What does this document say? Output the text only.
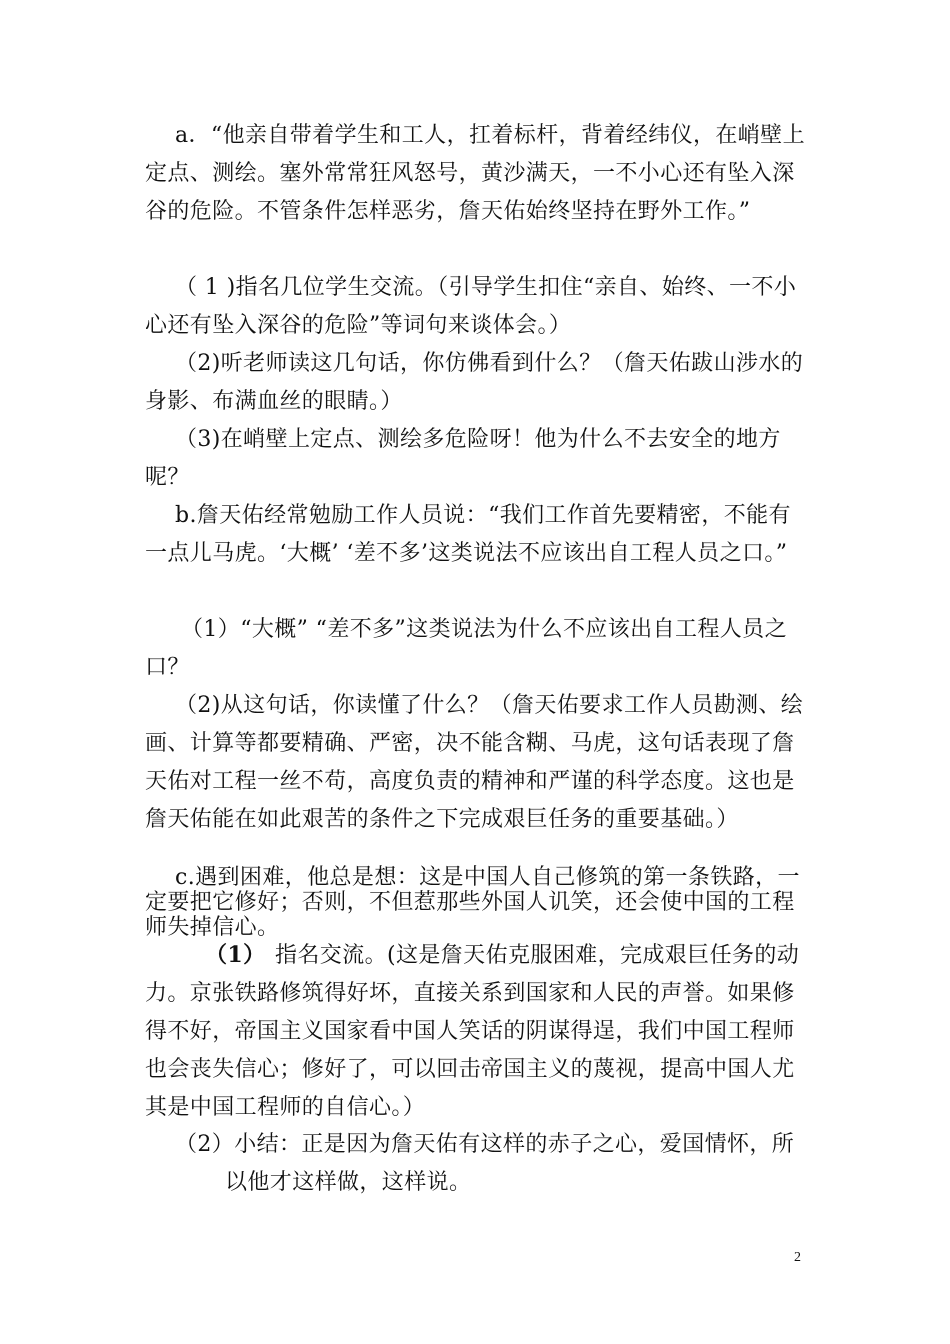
a．“他亲自带着学生和工人，扛着标杆，背着经纬仪，在峭壁上定点、测绘。塞外常常狂风怒号，黄沙满天，一不小心还有坠入深谷的危险。不管条件怎样恶劣，詹天佑始终坚持在野外工作。”

（ 1 )指名几位学生交流。（引导学生扣住“亲自、始终、一不小心还有坠入深谷的危险”等词句来谈体会。）

（2)听老师读这几句话，你仿佛看到什么？（詹天佑跋山涉水的身影、布满血丝的眼睛。）

（3)在峭壁上定点、测绘多危险呀！他为什么不去安全的地方呢？

b.詹天佑经常勉励工作人员说：“我们工作首先要精密，不能有一点儿马虎。‘大概’ ‘差不多’这类说法不应该出自工程人员之口。”

（1）“大概” “差不多”这类说法为什么不应该出自工程人员之口？

（2)从这句话，你读懂了什么？（詹天佑要求工作人员勘测、绘画、计算等都要精确、严密，决不能含糊、马虎，这句话表现了詹天佑对工程一丝不苟，高度负责的精神和严谨的科学态度。这也是詹天佑能在如此艰苦的条件之下完成艰巨任务的重要基础。）

c.遇到困难，他总是想：这是中国人自己修筑的第一条铁路，一定要把它修好；否则，不但惹那些外国人讥笑，还会使中国的工程师失掉信心。

（1） 指名交流。(这是詹天佑克服困难，完成艰巨任务的动力。京张铁路修筑得好坏，直接关系到国家和人民的声誉。如果修得不好，帝国主义国家看中国人笑话的阴谋得逞，我们中国工程师也会丧失信心；修好了，可以回击帝国主义的蔑视，提高中国人尤其是中国工程师的自信心。）

（2）小结：正是因为詹天佑有这样的赤子之心，爱国情怀，所
以他才这样做，这样说。
2
